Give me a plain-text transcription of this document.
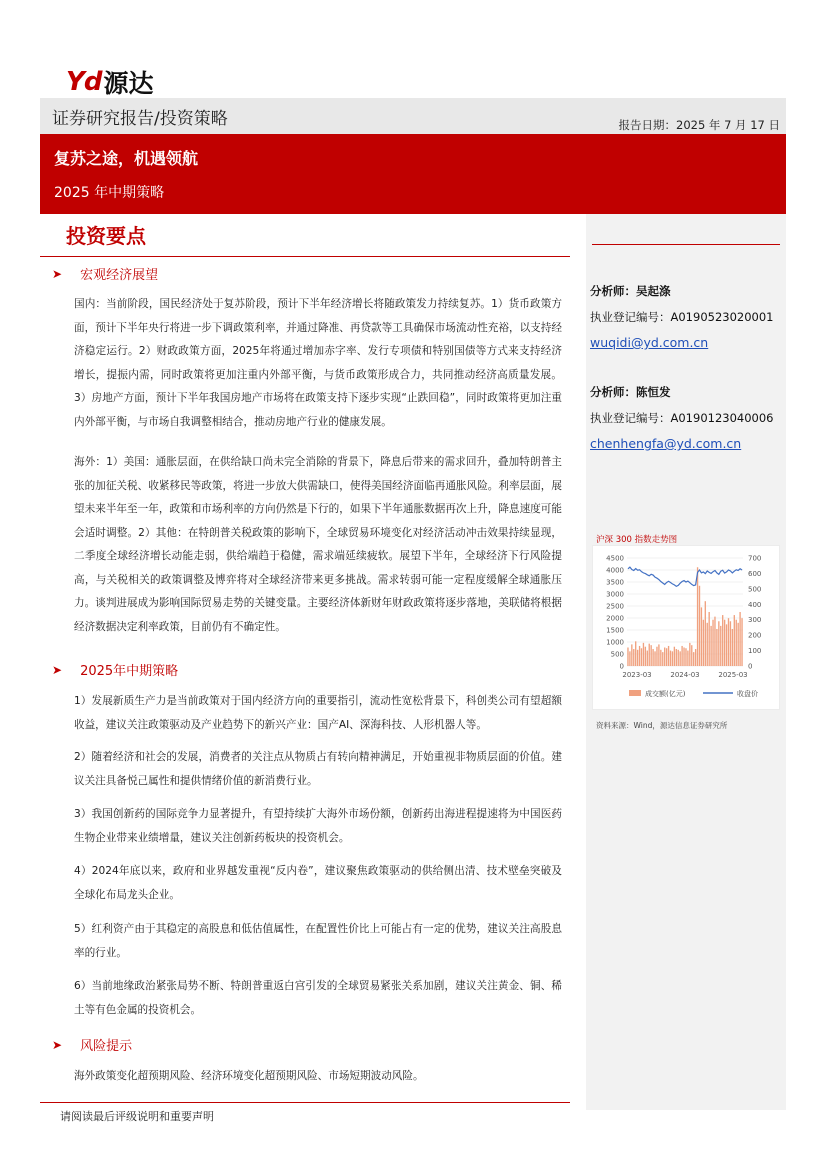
Yd 源达
证券研究报告/投资策略	报告日期：2025 年 7 月 17 日
复苏之途，机遇领航
2025 年中期策略
分析师：吴起涤
执业登记编号：A0190523020001
wuqidi@yd.com.cn
分析师：陈恒发
执业登记编号：A0190123040006
chenhengfa@yd.com.cn
沪深 300 指数走势图
0
500
1000
1500
2000
2500
3000
3500
4000
4500
0
100
200
300
400
500
600
700
2023-03	2024-03	2025-03
成交额(亿元)	收盘价
资料来源：Wind，源达信息证券研究所
投资要点
➤ 宏观经济展望
国内：当前阶段，国民经济处于复苏阶段，预计下半年经济增长将随政策发力持续复苏。1）货币政策方面，预计下半年央行将进一步下调政策利率，并通过降准、再贷款等工具确保市场流动性充裕，以支持经济稳定运行。2）财政政策方面，2025年将通过增加赤字率、发行专项债和特别国债等方式来支持经济增长，提振内需，同时政策将更加注重内外部平衡，与货币政策形成合力，共同推动经济高质量发展。3）房地产方面，预计下半年我国房地产市场将在政策支持下逐步实现“止跌回稳”，同时政策将更加注重内外部平衡，与市场自我调整相结合，推动房地产行业的健康发展。
海外：1）美国：通胀层面，在供给缺口尚未完全消除的背景下，降息后带来的需求回升，叠加特朗普主张的加征关税、收紧移民等政策，将进一步放大供需缺口，使得美国经济面临再通胀风险。利率层面，展望未来半年至一年，政策和市场利率的方向仍然是下行的，如果下半年通胀数据再次上升，降息速度可能会适时调整。2）其他：在特朗普关税政策的影响下，全球贸易环境变化对经济活动冲击效果持续显现，二季度全球经济增长动能走弱，供给端趋于稳健，需求端延续疲软。展望下半年，全球经济下行风险提高，与关税相关的政策调整及博弈将对全球经济带来更多挑战。需求转弱可能一定程度缓解全球通胀压力。谈判进展成为影响国际贸易走势的关键变量。主要经济体新财年财政政策将逐步落地，美联储将根据经济数据决定利率政策，目前仍有不确定性。
➤ 2025年中期策略
1）发展新质生产力是当前政策对于国内经济方向的重要指引，流动性宽松背景下，科创类公司有望超额收益，建议关注政策驱动及产业趋势下的新兴产业：国产AI、深海科技、人形机器人等。
2）随着经济和社会的发展，消费者的关注点从物质占有转向精神满足，开始重视非物质层面的价值。建议关注具备悦己属性和提供情绪价值的新消费行业。
3）我国创新药的国际竞争力显著提升，有望持续扩大海外市场份额，创新药出海进程提速将为中国医药生物企业带来业绩增量，建议关注创新药板块的投资机会。
4）2024年底以来，政府和业界越发重视“反内卷”，建议聚焦政策驱动的供给侧出清、技术壁垒突破及全球化布局龙头企业。
5）红利资产由于其稳定的高股息和低估值属性，在配置性价比上可能占有一定的优势，建议关注高股息率的行业。
6）当前地缘政治紧张局势不断、特朗普重返白宫引发的全球贸易紧张关系加剧，建议关注黄金、铜、稀土等有色金属的投资机会。
➤ 风险提示
海外政策变化超预期风险、经济环境变化超预期风险、市场短期波动风险。
请阅读最后评级说明和重要声明
